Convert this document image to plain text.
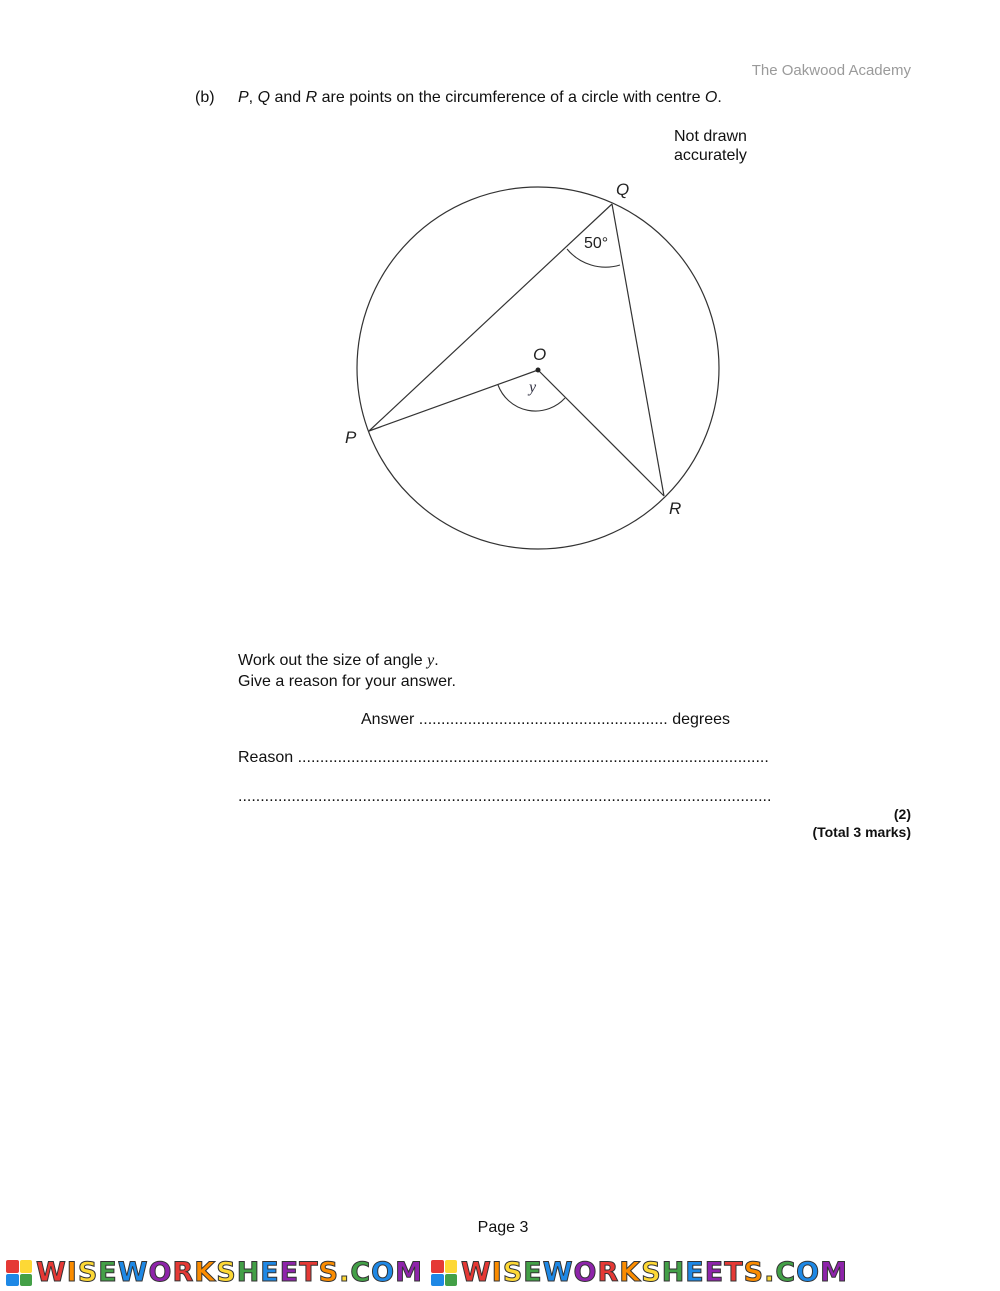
The Oakwood Academy
(b) P, Q and R are points on the circumference of a circle with centre O.
Not drawn
accurately
Q
P
R
O
50°
y
Work out the size of angle y.
Give a reason for your answer.
Answer ........................................................ degrees
Reason ..........................................................................................................
........................................................................................................................
(2)
(Total 3 marks)
Page 3
WISEWORKSHEETS.COM WISEWORKSHEETS.COM
